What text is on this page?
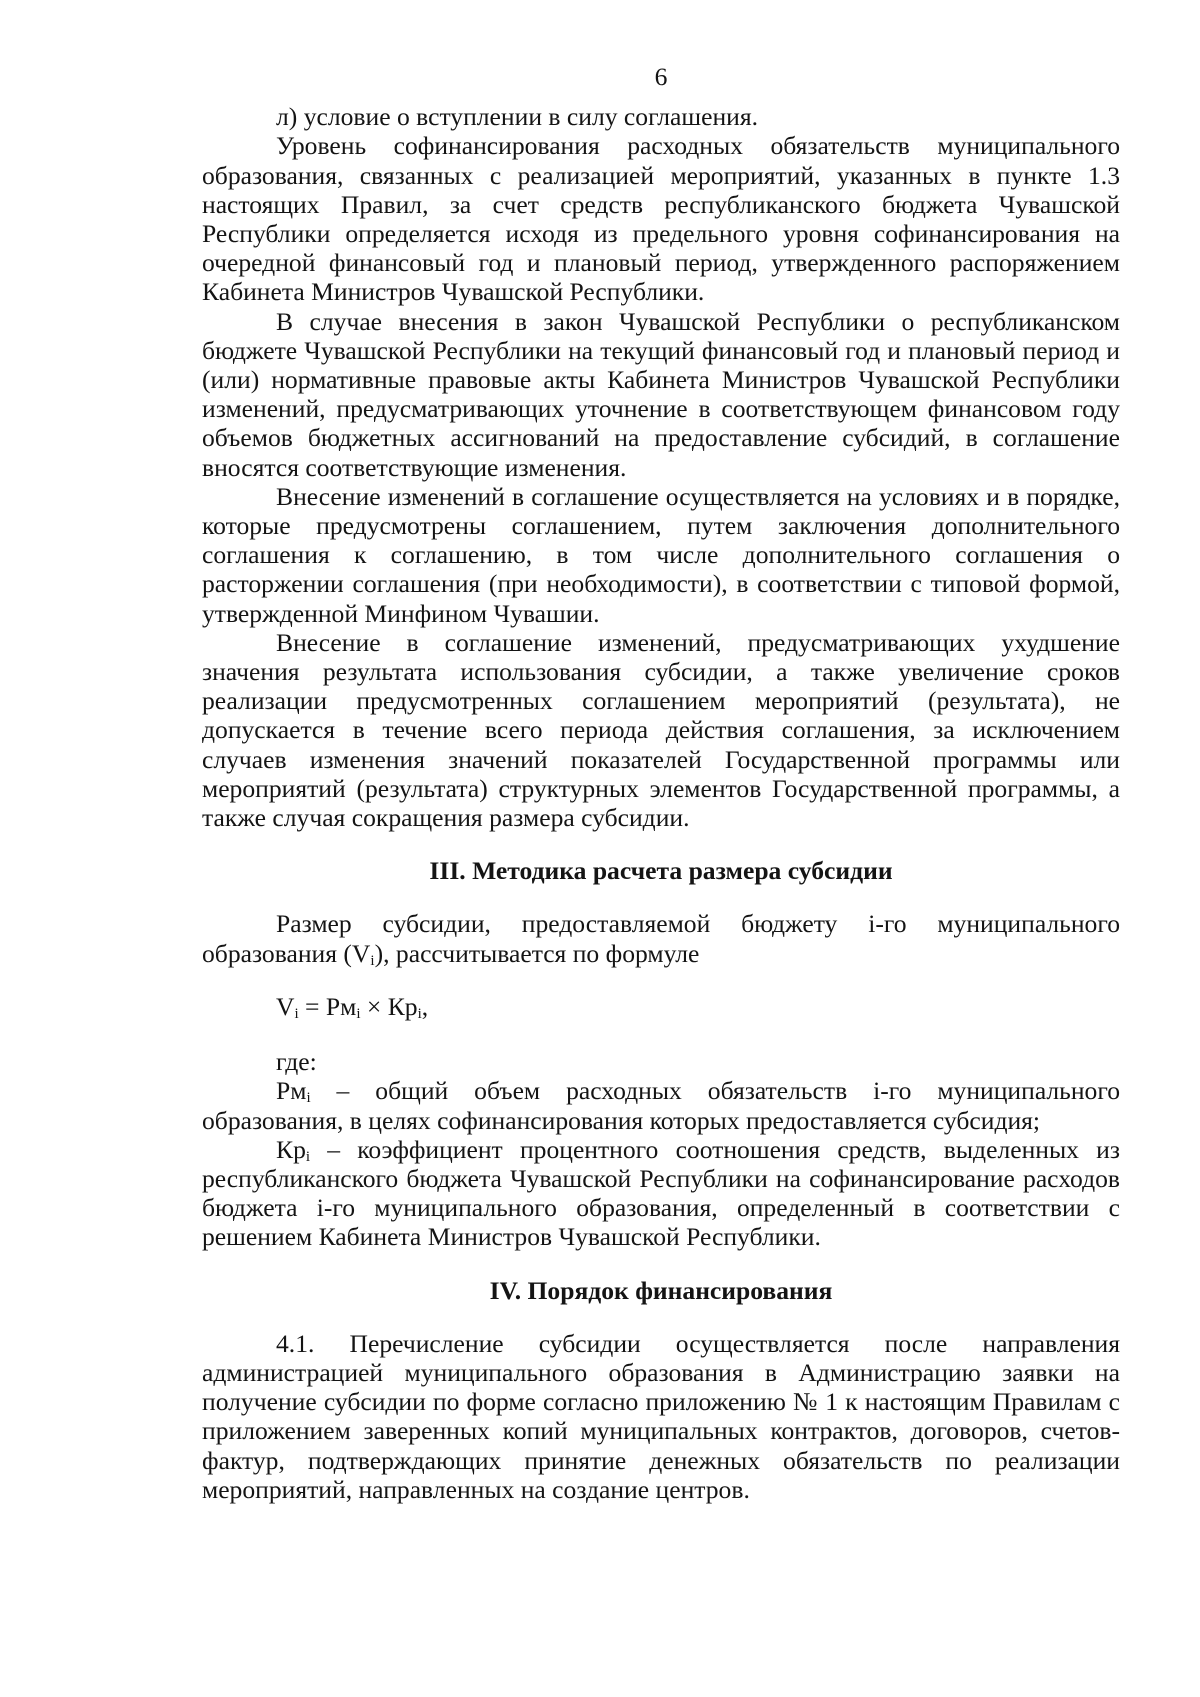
6

л) условие о вступлении в силу соглашения.

Уровень софинансирования расходных обязательств муниципального образования, связанных с реализацией мероприятий, указанных в пункте 1.3 настоящих Правил, за счет средств республиканского бюджета Чувашской Республики определяется исходя из предельного уровня софинансирования на очередной финансовый год и плановый период, утвержденного распоряжением Кабинета Министров Чувашской Республики.

В случае внесения в закон Чувашской Республики о республиканском бюджете Чувашской Республики на текущий финансовый год и плановый период и (или) нормативные правовые акты Кабинета Министров Чувашской Республики изменений, предусматривающих уточнение в соответствующем финансовом году объемов бюджетных ассигнований на предоставление субсидий, в соглашение вносятся соответствующие изменения.

Внесение изменений в соглашение осуществляется на условиях и в порядке, которые предусмотрены соглашением, путем заключения дополнительного соглашения к соглашению, в том числе дополнительного соглашения о расторжении соглашения (при необходимости), в соответствии с типовой формой, утвержденной Минфином Чувашии.

Внесение в соглашение изменений, предусматривающих ухудшение значения результата использования субсидии, а также увеличение сроков реализации предусмотренных соглашением мероприятий (результата), не допускается в течение всего периода действия соглашения, за исключением случаев изменения значений показателей Государственной программы или мероприятий (результата) структурных элементов Государственной программы, а также случая сокращения размера субсидии.

III. Методика расчета размера субсидии

Размер субсидии, предоставляемой бюджету i-го муниципального образования $(V_i)$, рассчитывается по формуле

$V_i = Рм_i \times Кр_i$,

где:

$Рм_i$ – общий объем расходных обязательств i-го муниципального образования, в целях софинансирования которых предоставляется субсидия;

$Кр_i$ – коэффициент процентного соотношения средств, выделенных из республиканского бюджета Чувашской Республики на софинансирование расходов бюджета i-го муниципального образования, определенный в соответствии с решением Кабинета Министров Чувашской Республики.

IV. Порядок финансирования

4.1. Перечисление субсидии осуществляется после направления администрацией муниципального образования в Администрацию заявки на получение субсидии по форме согласно приложению № 1 к настоящим Правилам с приложением заверенных копий муниципальных контрактов, договоров, счетов-фактур, подтверждающих принятие денежных обязательств по реализации мероприятий, направленных на создание центров.
